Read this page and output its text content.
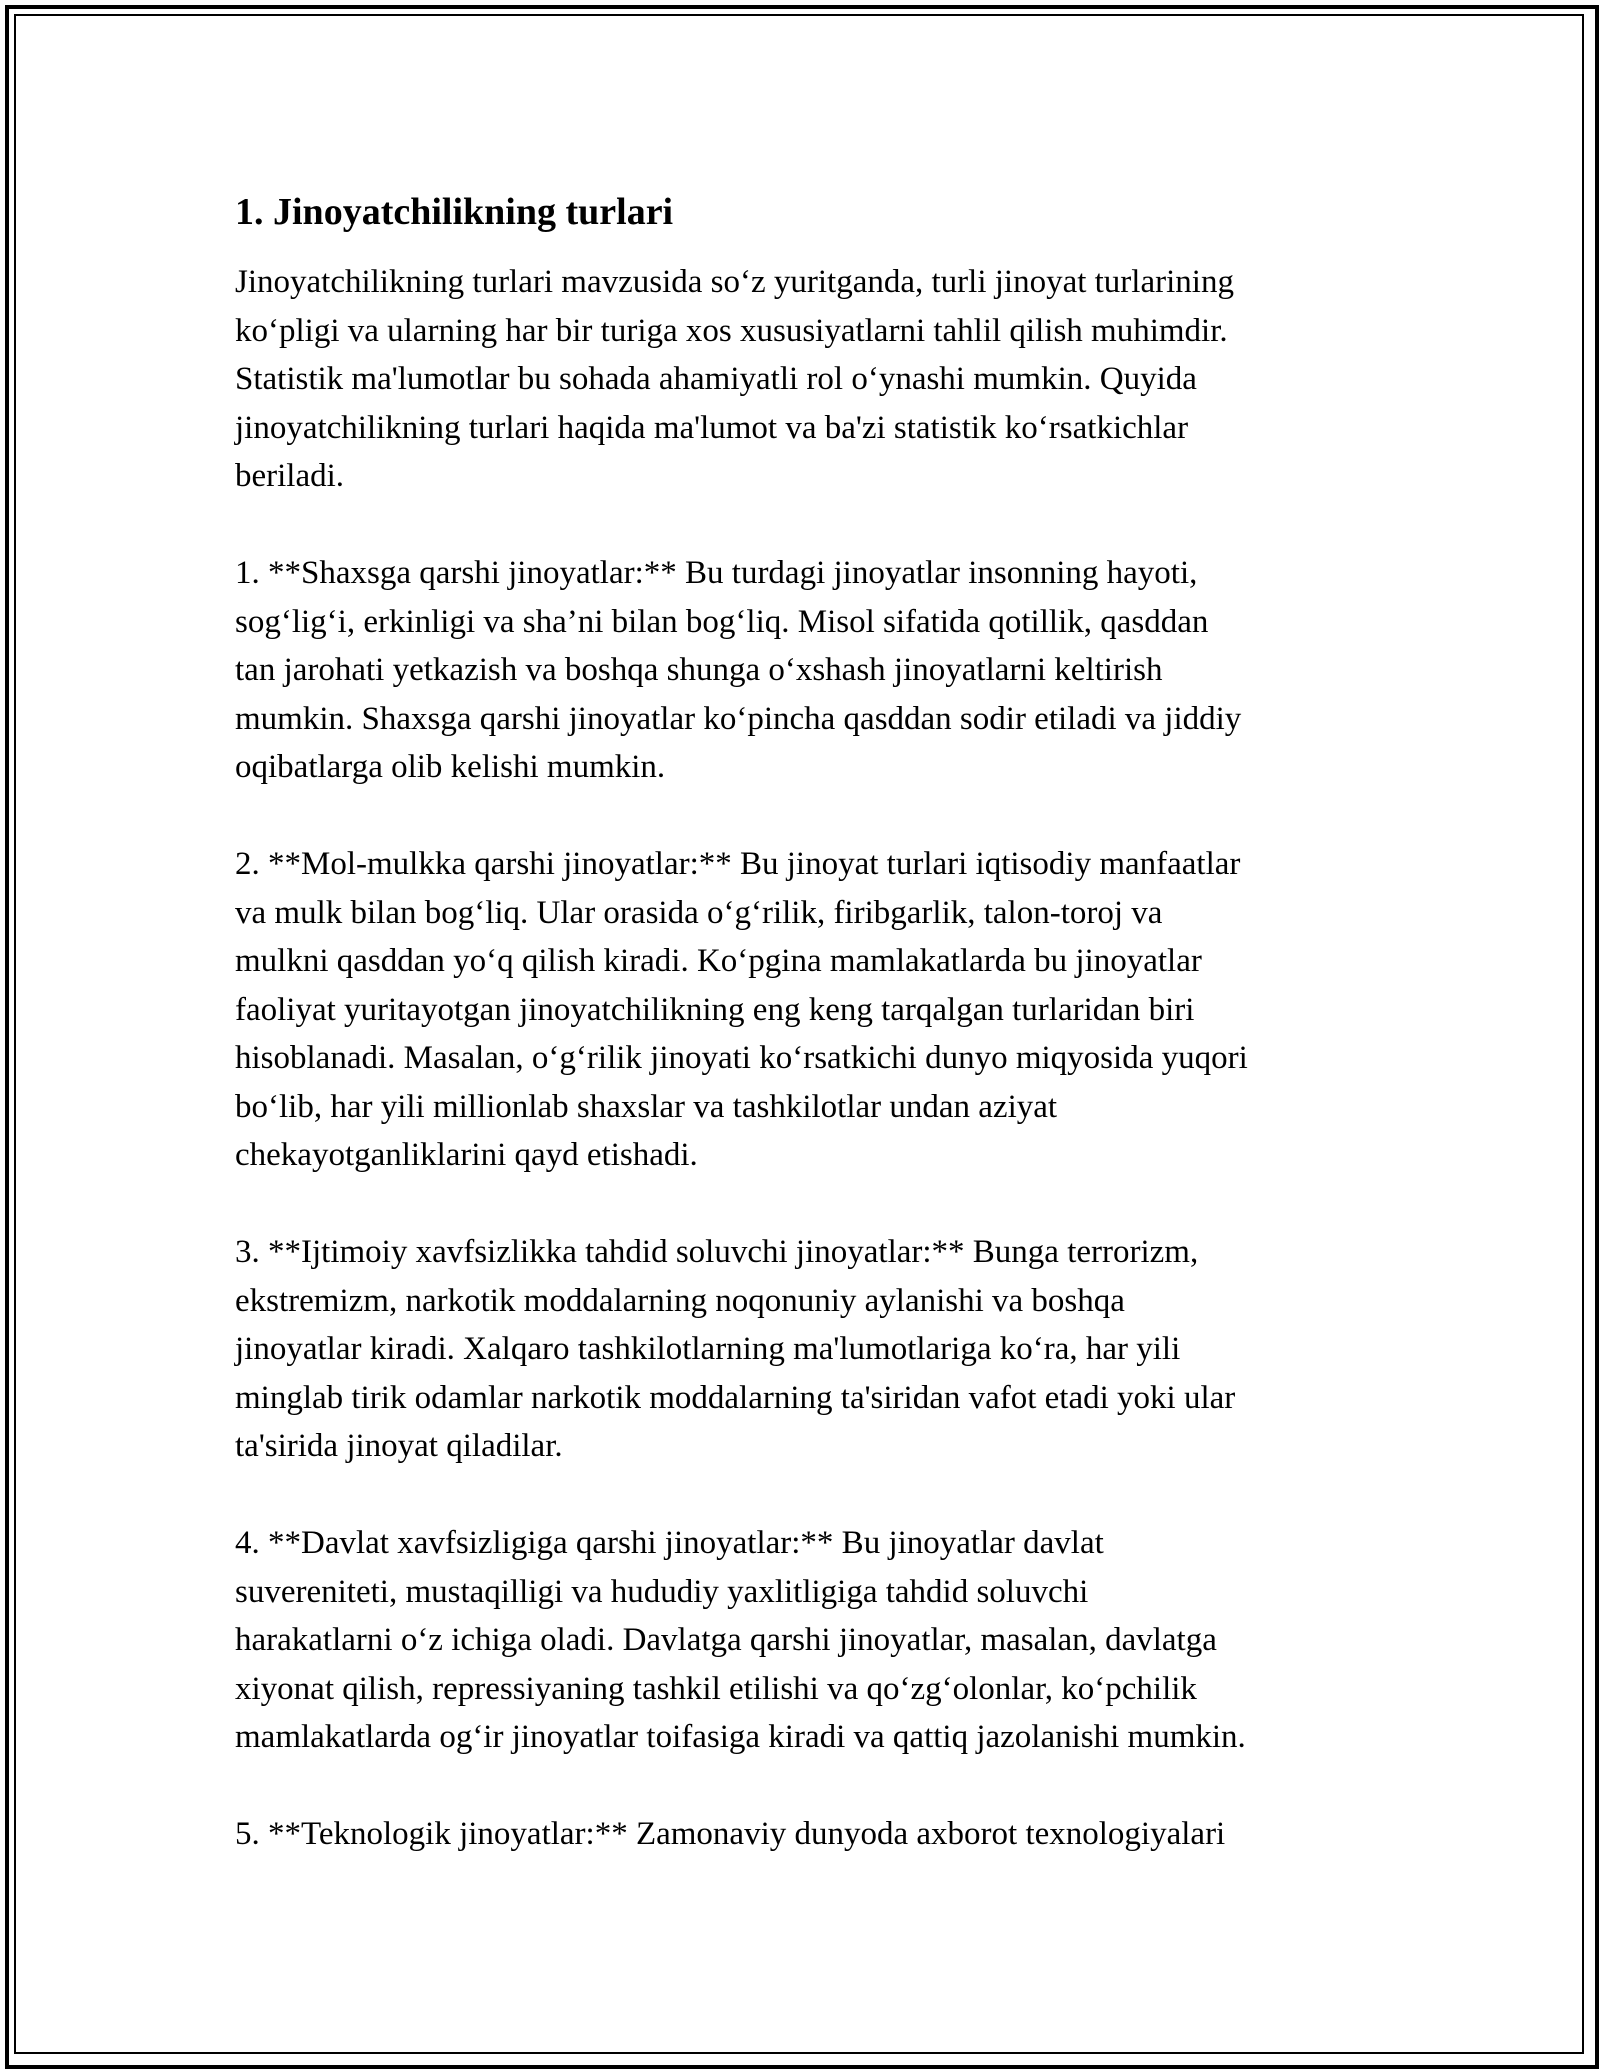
1. Jinoyatchilikning turlari

Jinoyatchilikning turlari mavzusida so‘z yuritganda, turli jinoyat turlarining
ko‘pligi va ularning har bir turiga xos xususiyatlarni tahlil qilish muhimdir.
Statistik ma'lumotlar bu sohada ahamiyatli rol o‘ynashi mumkin. Quyida
jinoyatchilikning turlari haqida ma'lumot va ba'zi statistik ko‘rsatkichlar
beriladi.

1. **Shaxsga qarshi jinoyatlar:** Bu turdagi jinoyatlar insonning hayoti,
sog‘lig‘i, erkinligi va sha’ni bilan bog‘liq. Misol sifatida qotillik, qasddan
tan jarohati yetkazish va boshqa shunga o‘xshash jinoyatlarni keltirish
mumkin. Shaxsga qarshi jinoyatlar ko‘pincha qasddan sodir etiladi va jiddiy
oqibatlarga olib kelishi mumkin.

2. **Mol-mulkka qarshi jinoyatlar:** Bu jinoyat turlari iqtisodiy manfaatlar
va mulk bilan bog‘liq. Ular orasida o‘g‘rilik, firibgarlik, talon-toroj va
mulkni qasddan yo‘q qilish kiradi. Ko‘pgina mamlakatlarda bu jinoyatlar
faoliyat yuritayotgan jinoyatchilikning eng keng tarqalgan turlaridan biri
hisoblanadi. Masalan, o‘g‘rilik jinoyati ko‘rsatkichi dunyo miqyosida yuqori
bo‘lib, har yili millionlab shaxslar va tashkilotlar undan aziyat
chekayotganliklarini qayd etishadi.

3. **Ijtimoiy xavfsizlikka tahdid soluvchi jinoyatlar:** Bunga terrorizm,
ekstremizm, narkotik moddalarning noqonuniy aylanishi va boshqa
jinoyatlar kiradi. Xalqaro tashkilotlarning ma'lumotlariga ko‘ra, har yili
minglab tirik odamlar narkotik moddalarning ta'siridan vafot etadi yoki ular
ta'sirida jinoyat qiladilar.

4. **Davlat xavfsizligiga qarshi jinoyatlar:** Bu jinoyatlar davlat
suvereniteti, mustaqilligi va hududiy yaxlitligiga tahdid soluvchi
harakatlarni o‘z ichiga oladi. Davlatga qarshi jinoyatlar, masalan, davlatga
xiyonat qilish, repressiyaning tashkil etilishi va qo‘zg‘olonlar, ko‘pchilik
mamlakatlarda og‘ir jinoyatlar toifasiga kiradi va qattiq jazolanishi mumkin.

5. **Teknologik jinoyatlar:** Zamonaviy dunyoda axborot texnologiyalari
